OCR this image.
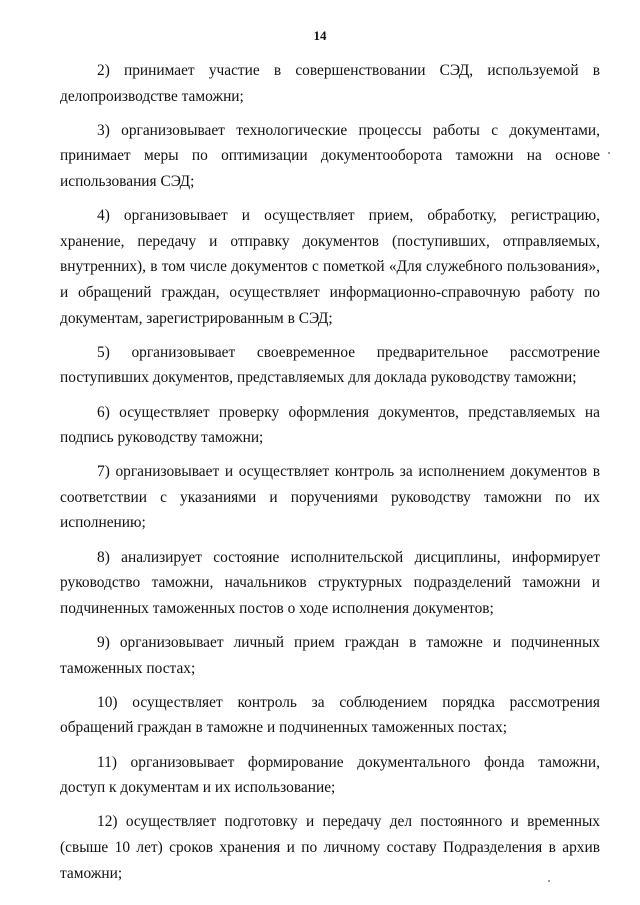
14

2) принимает участие в совершенствовании СЭД, используемой в делопроизводстве таможни;

3) организовывает технологические процессы работы с документами, принимает меры по оптимизации документооборота таможни на основе использования СЭД;

4) организовывает и осуществляет прием, обработку, регистрацию, хранение, передачу и отправку документов (поступивших, отправляемых, внутренних), в том числе документов с пометкой «Для служебного пользования», и обращений граждан, осуществляет информационно-справочную работу по документам, зарегистрированным в СЭД;

5) организовывает своевременное предварительное рассмотрение поступивших документов, представляемых для доклада руководству таможни;

6) осуществляет проверку оформления документов, представляемых на подпись руководству таможни;

7) организовывает и осуществляет контроль за исполнением документов в соответствии с указаниями и поручениями руководству таможни по их исполнению;

8) анализирует состояние исполнительской дисциплины, информирует руководство таможни, начальников структурных подразделений таможни и подчиненных таможенных постов о ходе исполнения документов;

9) организовывает личный прием граждан в таможне и подчиненных таможенных постах;

10) осуществляет контроль за соблюдением порядка рассмотрения обращений граждан в таможне и подчиненных таможенных постах;

11) организовывает формирование документального фонда таможни, доступ к документам и их использование;

12) осуществляет подготовку и передачу дел постоянного и временных (свыше 10 лет) сроков хранения и по личному составу Подразделения в архив таможни;
